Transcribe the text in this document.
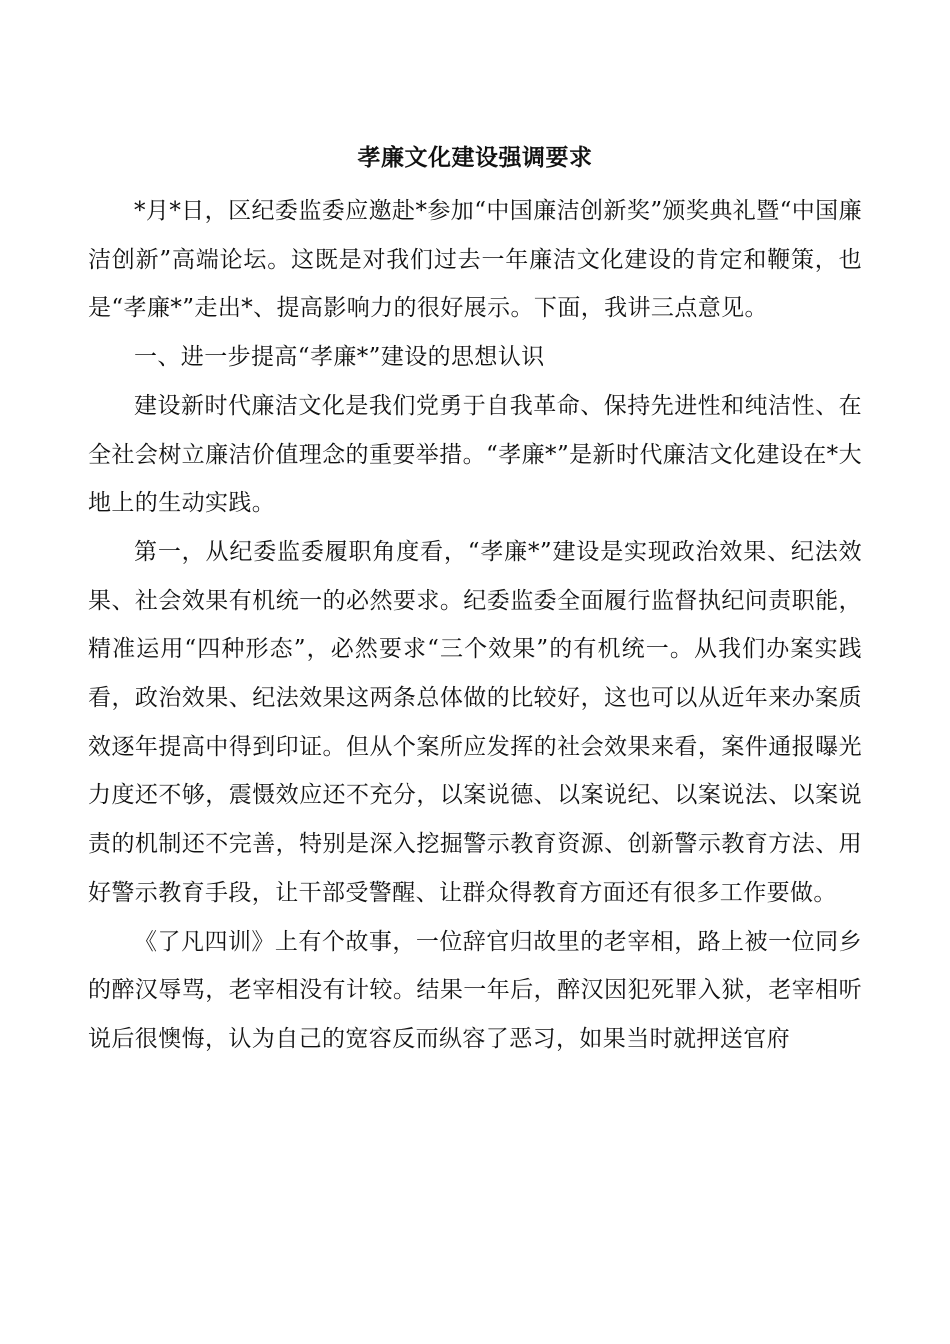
孝廉文化建设强调要求

*月*日，区纪委监委应邀赴*参加“中国廉洁创新奖”颁奖典礼暨“中国廉洁创新”高端论坛。这既是对我们过去一年廉洁文化建设的肯定和鞭策，也是“孝廉*”走出*、提高影响力的很好展示。下面，我讲三点意见。

一、进一步提高“孝廉*”建设的思想认识

建设新时代廉洁文化是我们党勇于自我革命、保持先进性和纯洁性、在全社会树立廉洁价值理念的重要举措。“孝廉*”是新时代廉洁文化建设在*大地上的生动实践。

第一，从纪委监委履职角度看，“孝廉*”建设是实现政治效果、纪法效果、社会效果有机统一的必然要求。纪委监委全面履行监督执纪问责职能，精准运用“四种形态”，必然要求“三个效果”的有机统一。从我们办案实践看，政治效果、纪法效果这两条总体做的比较好，这也可以从近年来办案质效逐年提高中得到印证。但从个案所应发挥的社会效果来看，案件通报曝光力度还不够，震慑效应还不充分，以案说德、以案说纪、以案说法、以案说责的机制还不完善，特别是深入挖掘警示教育资源、创新警示教育方法、用好警示教育手段，让干部受警醒、让群众得教育方面还有很多工作要做。

《了凡四训》上有个故事，一位辞官归故里的老宰相，路上被一位同乡的醉汉辱骂，老宰相没有计较。结果一年后，醉汉因犯死罪入狱，老宰相听说后很懊悔，认为自己的宽容反而纵容了恶习，如果当时就押送官府
